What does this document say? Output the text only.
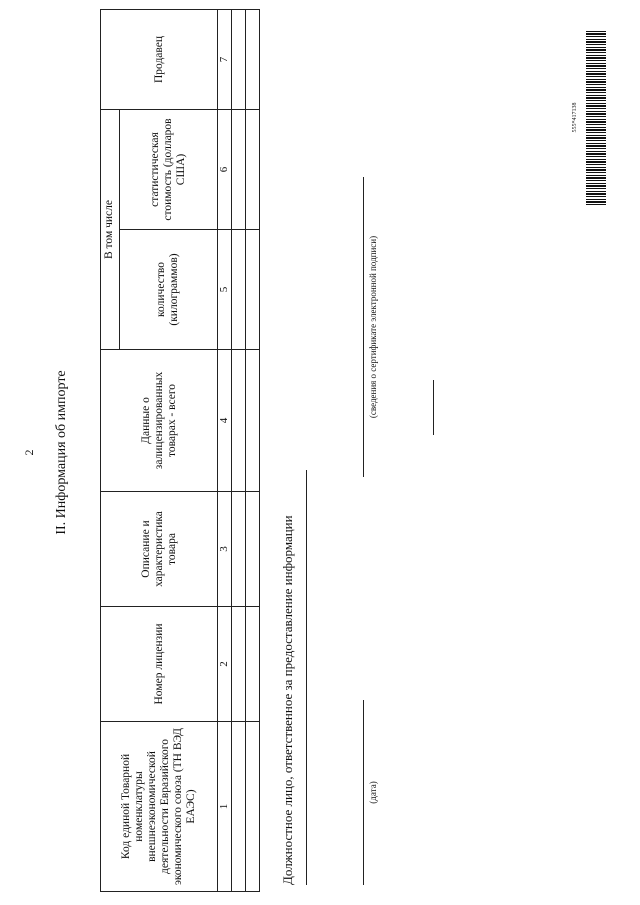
2 II. Информация об импорте
Код единой Товарной номенклатуры внешнеэкономической деятельности Евразийского экономического союза (ТН ВЭД ЕАЭС)	Номер лицензии	Описание и характеристика товара	Данные о залицензированных товарах - всего	В том числе		Продавец
				количество (килограммов)	статистическая стоимость (долларов США)	
1	2	3	4	5	6	7

Должностное лицо, ответственное за предоставление информации	(дата)
(сведения о сертификате электронной подписи)
555*417138
